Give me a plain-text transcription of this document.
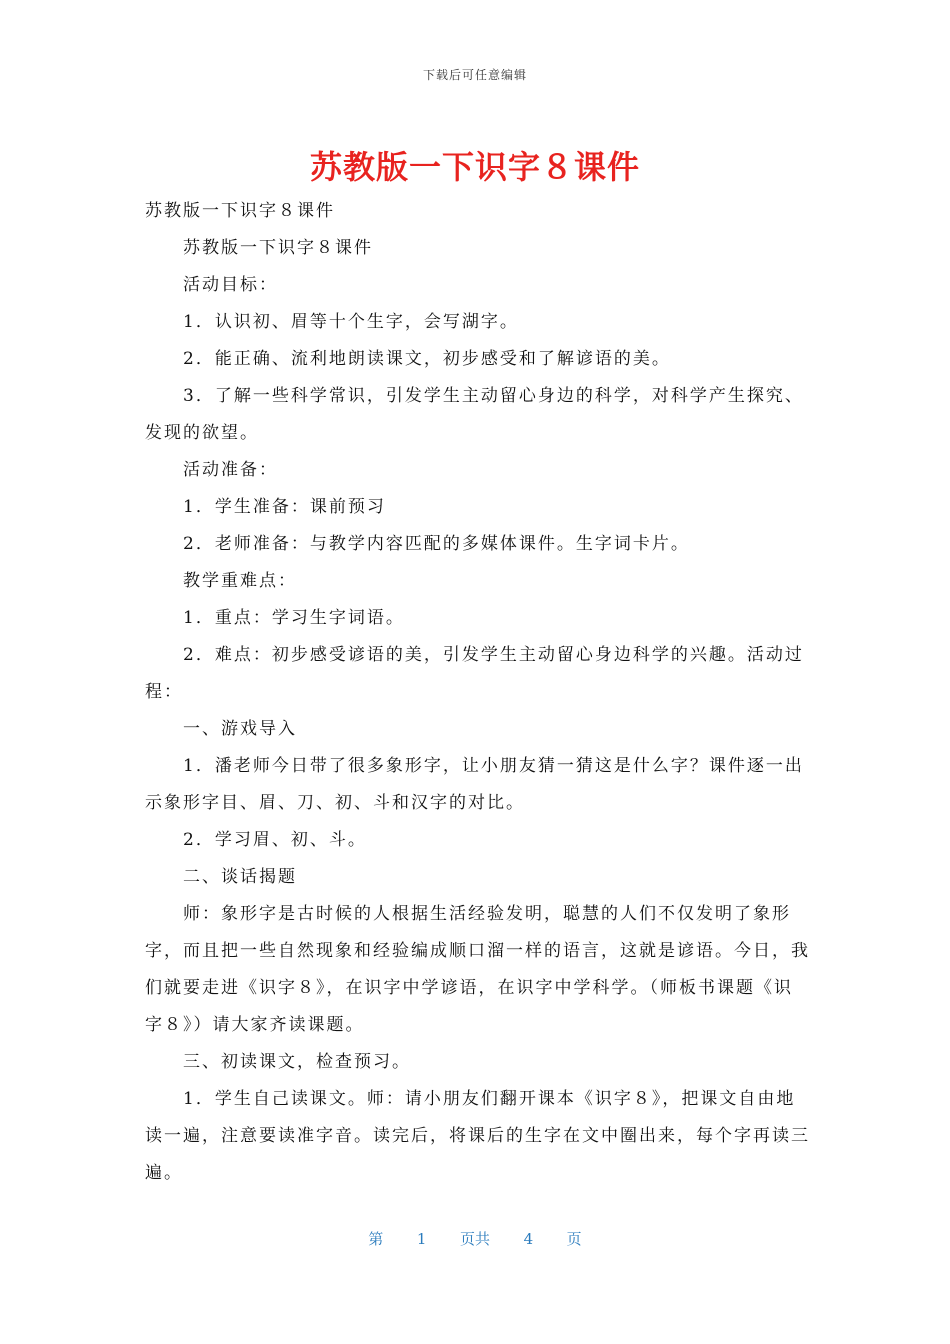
下载后可任意编辑
苏教版一下识字８课件

苏教版一下识字８课件

苏教版一下识字８课件

活动目标：

1．认识初、眉等十个生字，会写湖字。

2．能正确、流利地朗读课文，初步感受和了解谚语的美。

3．了解一些科学常识，引发学生主动留心身边的科学，对科学产生探究、发现的欲望。

活动准备：

1．学生准备：课前预习

2．老师准备：与教学内容匹配的多媒体课件。生字词卡片。

教学重难点：

1．重点：学习生字词语。

2．难点：初步感受谚语的美，引发学生主动留心身边科学的兴趣。活动过程：

一、游戏导入

1．潘老师今日带了很多象形字，让小朋友猜一猜这是什么字？课件逐一出示象形字目、眉、刀、初、斗和汉字的对比。

2．学习眉、初、斗。

二、谈话揭题

师：象形字是古时候的人根据生活经验发明，聪慧的人们不仅发明了象形字，而且把一些自然现象和经验编成顺口溜一样的语言，这就是谚语。今日，我们就要走进《识字８》，在识字中学谚语，在识字中学科学。（师板书课题《识字８》）请大家齐读课题。

三、初读课文，检查预习。

1．学生自己读课文。师：请小朋友们翻开课本《识字８》，把课文自由地读一遍，注意要读准字音。读完后，将课后的生字在文中圈出来，每个字再读三遍。

第 1 页共 4 页
